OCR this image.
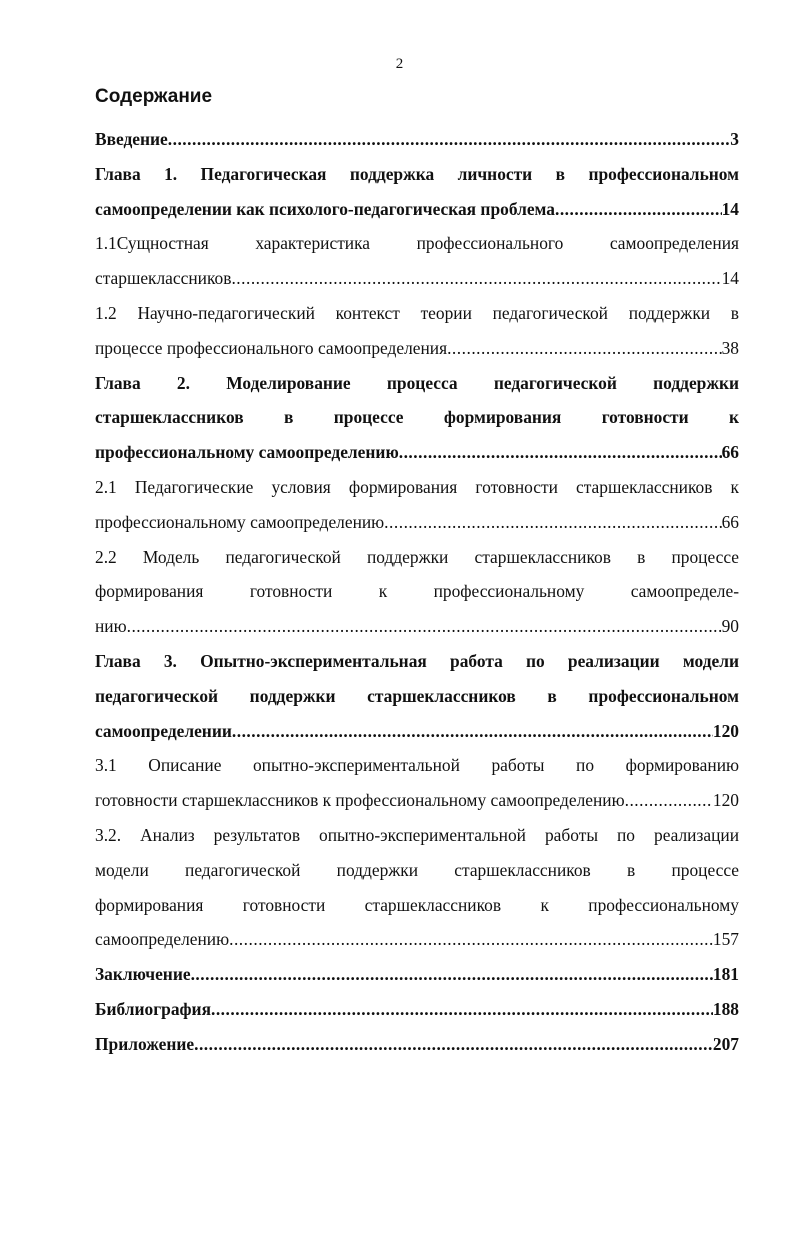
2
Содержание
Введение .....	3
Глава 1. Педагогическая поддержка личности в профессиональном
самоопределении как психолого-педагогическая проблема .....	14
1.1Сущностная характеристика профессионального самоопределения
старшеклассников .....	14
1.2 Научно-педагогический контекст теории педагогической поддержки в
процессе профессионального самоопределения .....	38
Глава 2. Моделирование процесса педагогической поддержки
старшеклассников в процессе формирования готовности к
профессиональному самоопределению .....	66
2.1 Педагогические условия формирования готовности старшеклассников к
профессиональному самоопределению .....	66
2.2 Модель педагогической поддержки старшеклассников в процессе
формирования готовности к профессиональному самоопределе-
нию .....	90
Глава 3. Опытно-экспериментальная работа по реализации модели
педагогической поддержки старшеклассников в профессиональном
самоопределении .....	120
3.1 Описание опытно-экспериментальной работы по формированию
готовности старшеклассников к профессиональному самоопределению .....	120
3.2. Анализ результатов опытно-экспериментальной работы по реализации
модели педагогической поддержки старшеклассников в процессе
формирования готовности старшеклассников к профессиональному
самоопределению .....	157
Заключение .....	181
Библиография .....	188
Приложение .....	207
